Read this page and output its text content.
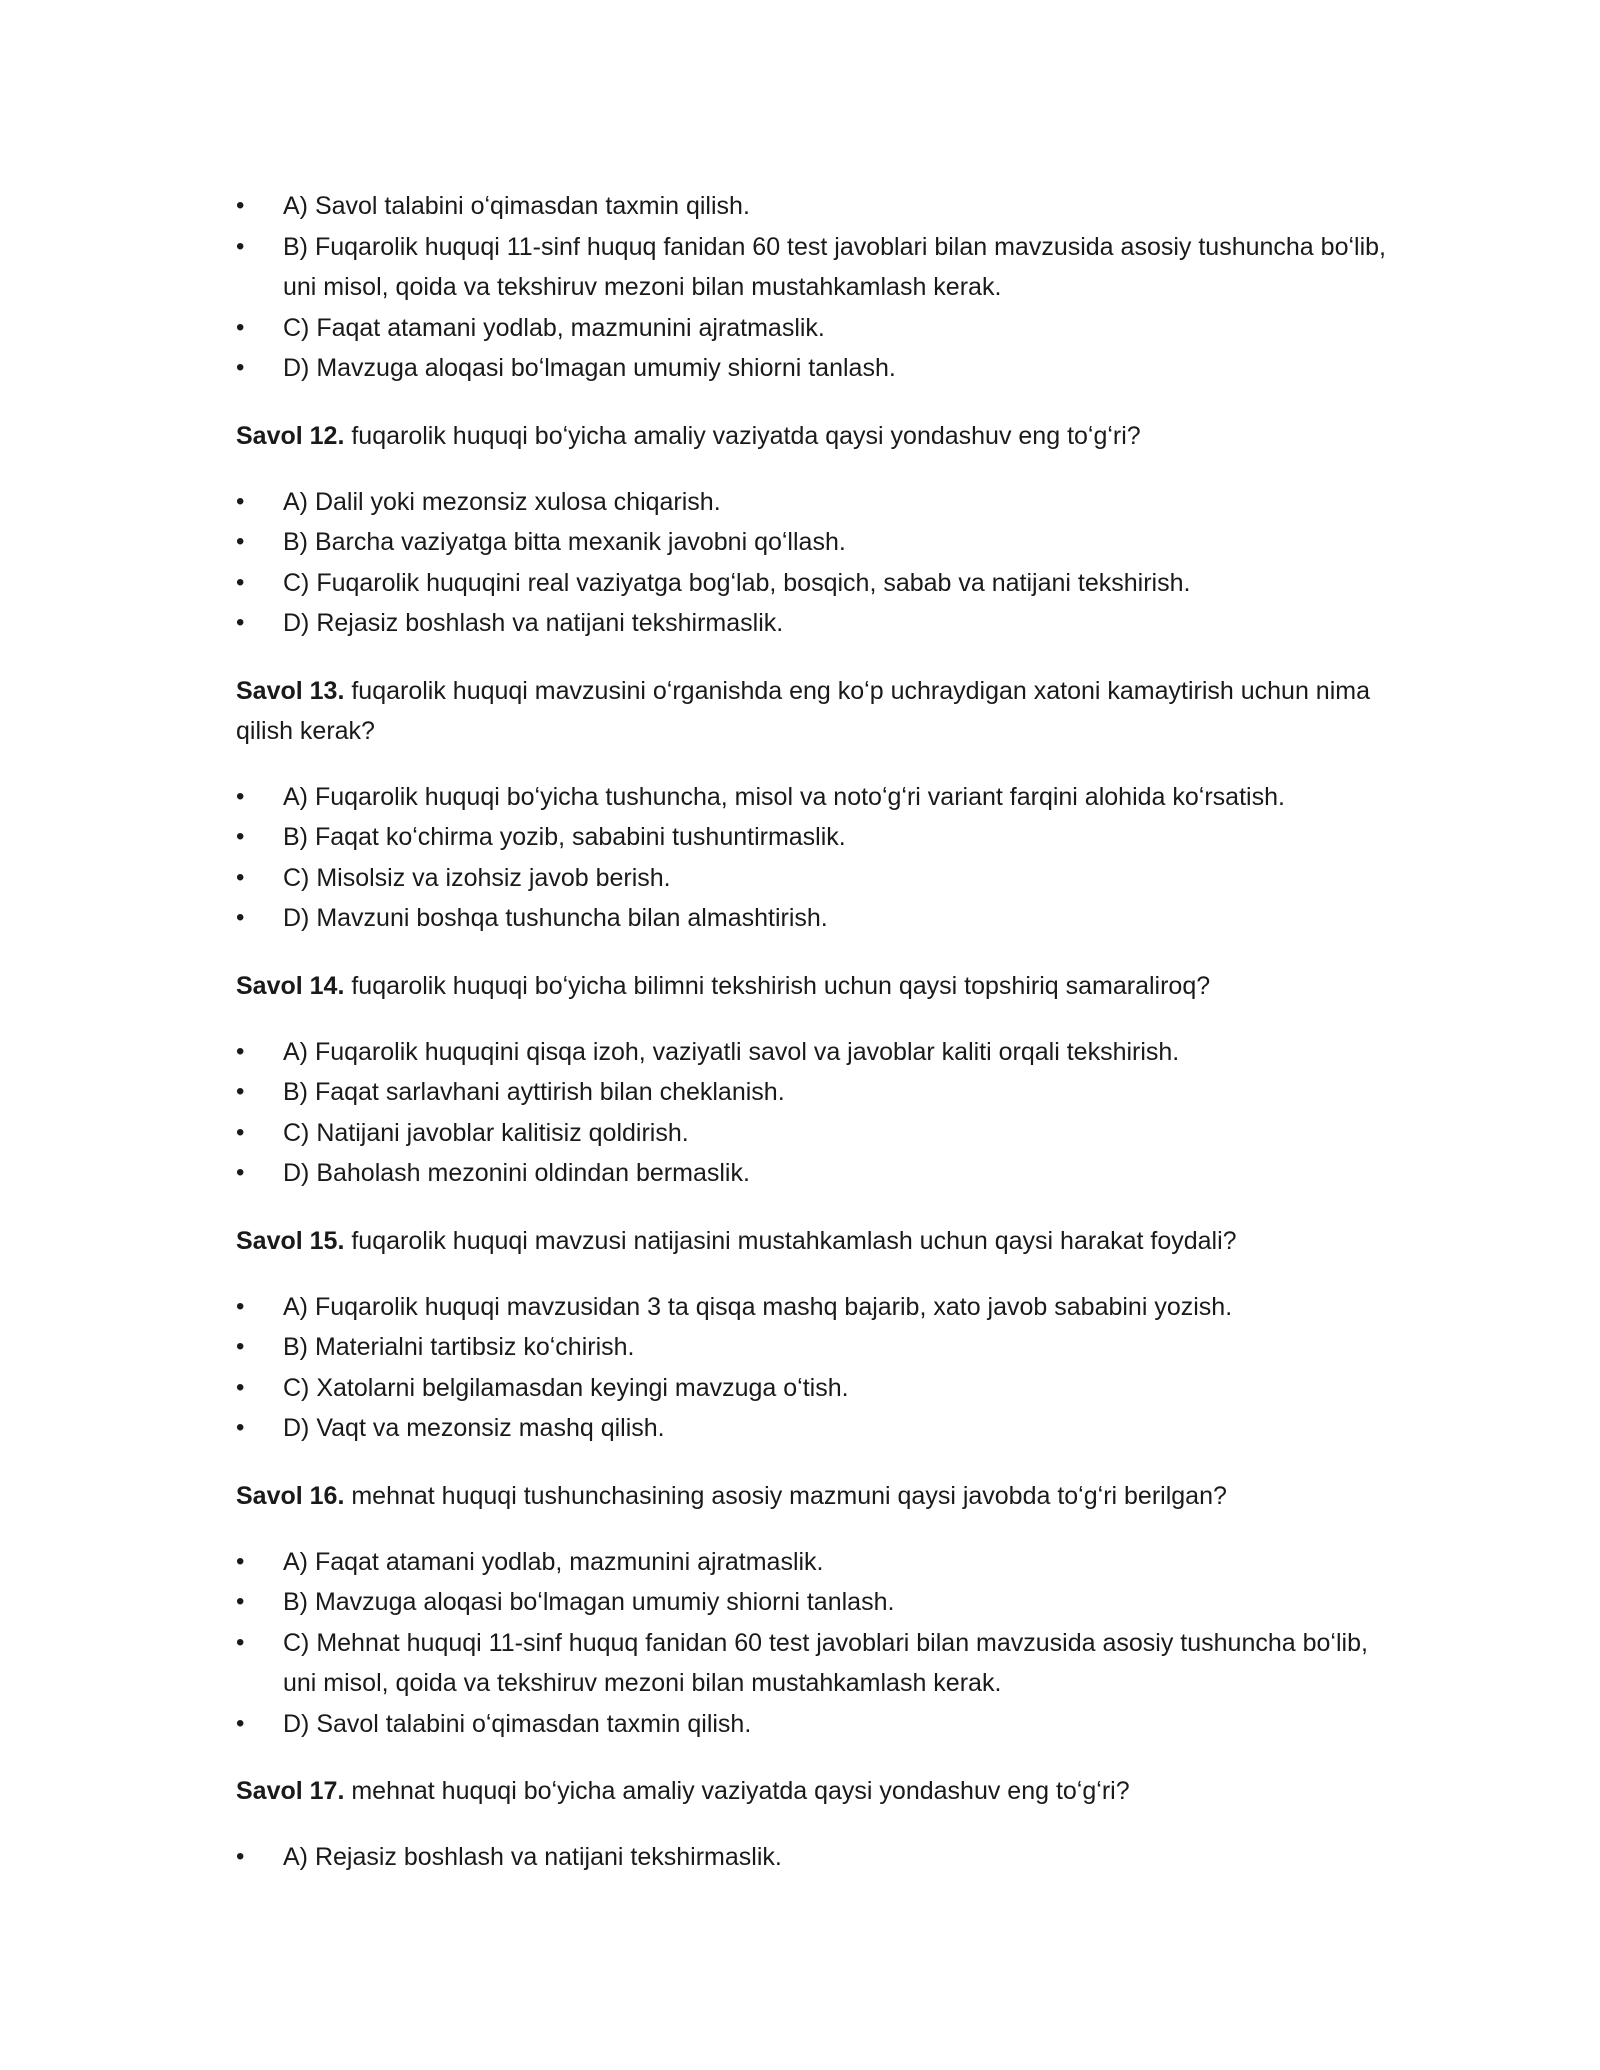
•	A) Savol talabini oʻqimasdan taxmin qilish.
•	B) Fuqarolik huquqi 11-sinf huquq fanidan 60 test javoblari bilan mavzusida asosiy tushuncha boʻlib, uni misol, qoida va tekshiruv mezoni bilan mustahkamlash kerak.
•	C) Faqat atamani yodlab, mazmunini ajratmaslik.
•	D) Mavzuga aloqasi boʻlmagan umumiy shiorni tanlash.

Savol 12. fuqarolik huquqi boʻyicha amaliy vaziyatda qaysi yondashuv eng toʻgʻri?

•	A) Dalil yoki mezonsiz xulosa chiqarish.
•	B) Barcha vaziyatga bitta mexanik javobni qoʻllash.
•	C) Fuqarolik huquqini real vaziyatga bogʻlab, bosqich, sabab va natijani tekshirish.
•	D) Rejasiz boshlash va natijani tekshirmaslik.

Savol 13. fuqarolik huquqi mavzusini oʻrganishda eng koʻp uchraydigan xatoni kamaytirish uchun nima qilish kerak?

•	A) Fuqarolik huquqi boʻyicha tushuncha, misol va notoʻgʻri variant farqini alohida koʻrsatish.
•	B) Faqat koʻchirma yozib, sababini tushuntirmaslik.
•	C) Misolsiz va izohsiz javob berish.
•	D) Mavzuni boshqa tushuncha bilan almashtirish.

Savol 14. fuqarolik huquqi boʻyicha bilimni tekshirish uchun qaysi topshiriq samaraliroq?

•	A) Fuqarolik huquqini qisqa izoh, vaziyatli savol va javoblar kaliti orqali tekshirish.
•	B) Faqat sarlavhani ayttirish bilan cheklanish.
•	C) Natijani javoblar kalitisiz qoldirish.
•	D) Baholash mezonini oldindan bermaslik.

Savol 15. fuqarolik huquqi mavzusi natijasini mustahkamlash uchun qaysi harakat foydali?

•	A) Fuqarolik huquqi mavzusidan 3 ta qisqa mashq bajarib, xato javob sababini yozish.
•	B) Materialni tartibsiz koʻchirish.
•	C) Xatolarni belgilamasdan keyingi mavzuga oʻtish.
•	D) Vaqt va mezonsiz mashq qilish.

Savol 16. mehnat huquqi tushunchasining asosiy mazmuni qaysi javobda toʻgʻri berilgan?

•	A) Faqat atamani yodlab, mazmunini ajratmaslik.
•	B) Mavzuga aloqasi boʻlmagan umumiy shiorni tanlash.
•	C) Mehnat huquqi 11-sinf huquq fanidan 60 test javoblari bilan mavzusida asosiy tushuncha boʻlib, uni misol, qoida va tekshiruv mezoni bilan mustahkamlash kerak.
•	D) Savol talabini oʻqimasdan taxmin qilish.

Savol 17. mehnat huquqi boʻyicha amaliy vaziyatda qaysi yondashuv eng toʻgʻri?

•	A) Rejasiz boshlash va natijani tekshirmaslik.
